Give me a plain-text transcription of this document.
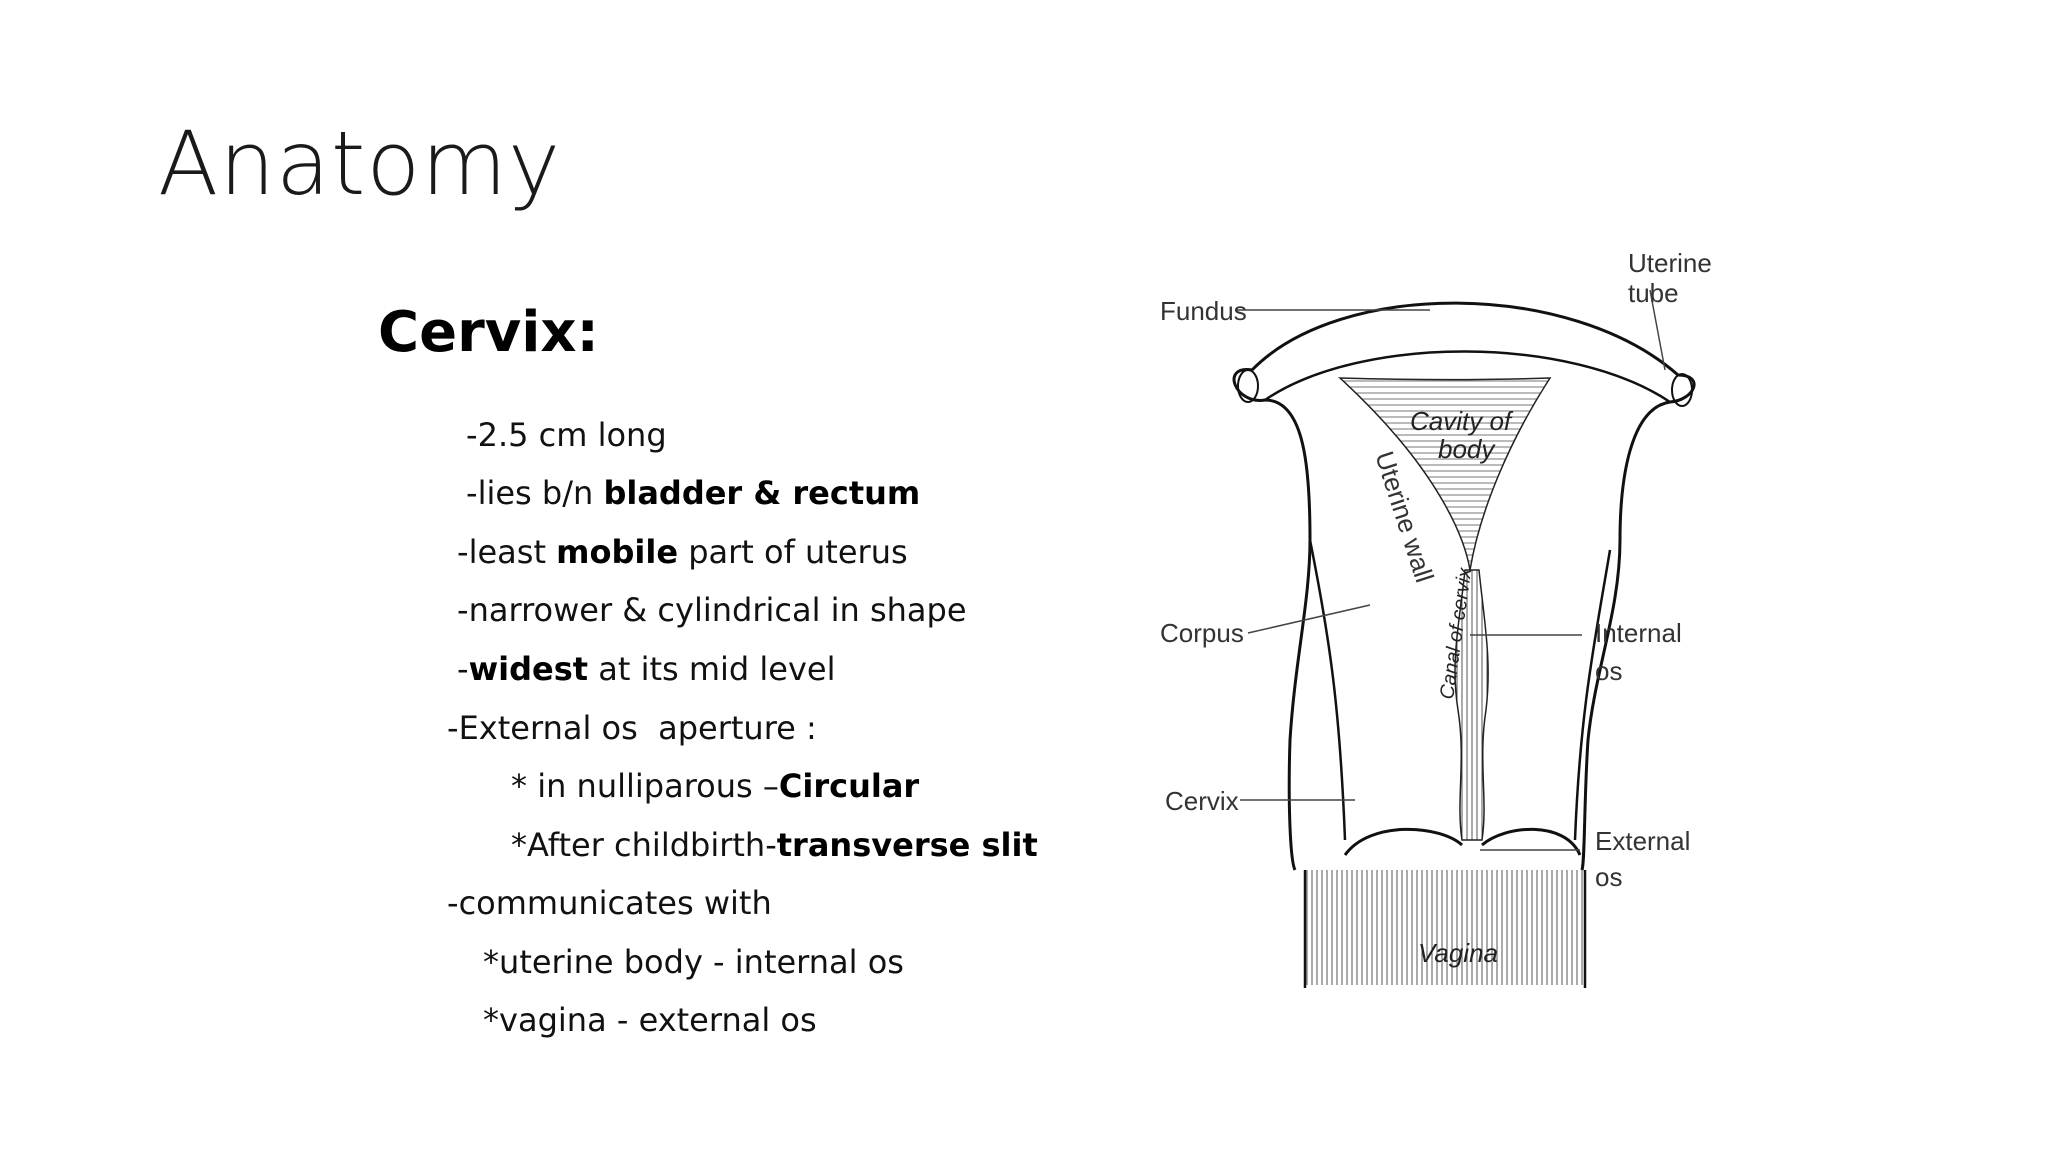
Anatomy
Cervix:

-2.5 cm long

-lies b/n bladder & rectum

-least mobile part of uterus

-narrower & cylindrical in shape

-widest at its mid level

-External os  aperture :

* in nulliparous –Circular

*After childbirth-transverse slit

-communicates with

*uterine body - internal os

*vagina - external os

Fundus
Uterine
tube
Cavity of
body
Uterine wall
Corpus	Internal
os
Canal of cervix
Cervix
External
os
Vagina
